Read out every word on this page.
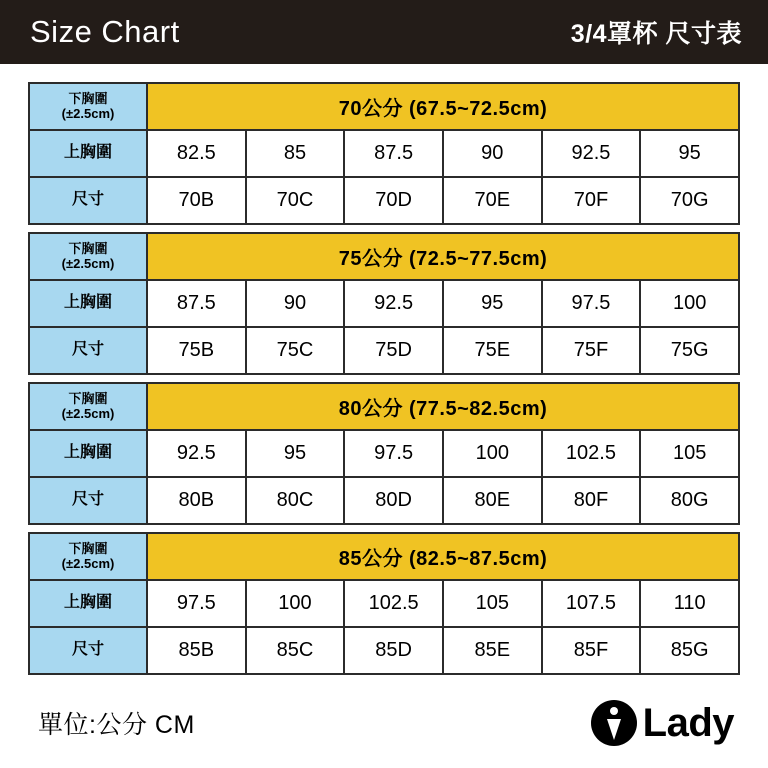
Size Chart	3/4罩杯 尺寸表
下胸圍
(±2.5cm)	70公分 (67.5~72.5cm)					
上胸圍	82.5	85	87.5	90	92.5	95
尺寸	70B	70C	70D	70E	70F	70G

下胸圍
(±2.5cm)	75公分 (72.5~77.5cm)					
上胸圍	87.5	90	92.5	95	97.5	100
尺寸	75B	75C	75D	75E	75F	75G

下胸圍
(±2.5cm)	80公分 (77.5~82.5cm)					
上胸圍	92.5	95	97.5	100	102.5	105
尺寸	80B	80C	80D	80E	80F	80G

下胸圍
(±2.5cm)	85公分 (82.5~87.5cm)					
上胸圍	97.5	100	102.5	105	107.5	110
尺寸	85B	85C	85D	85E	85F	85G
單位:公分 CM	Lady
